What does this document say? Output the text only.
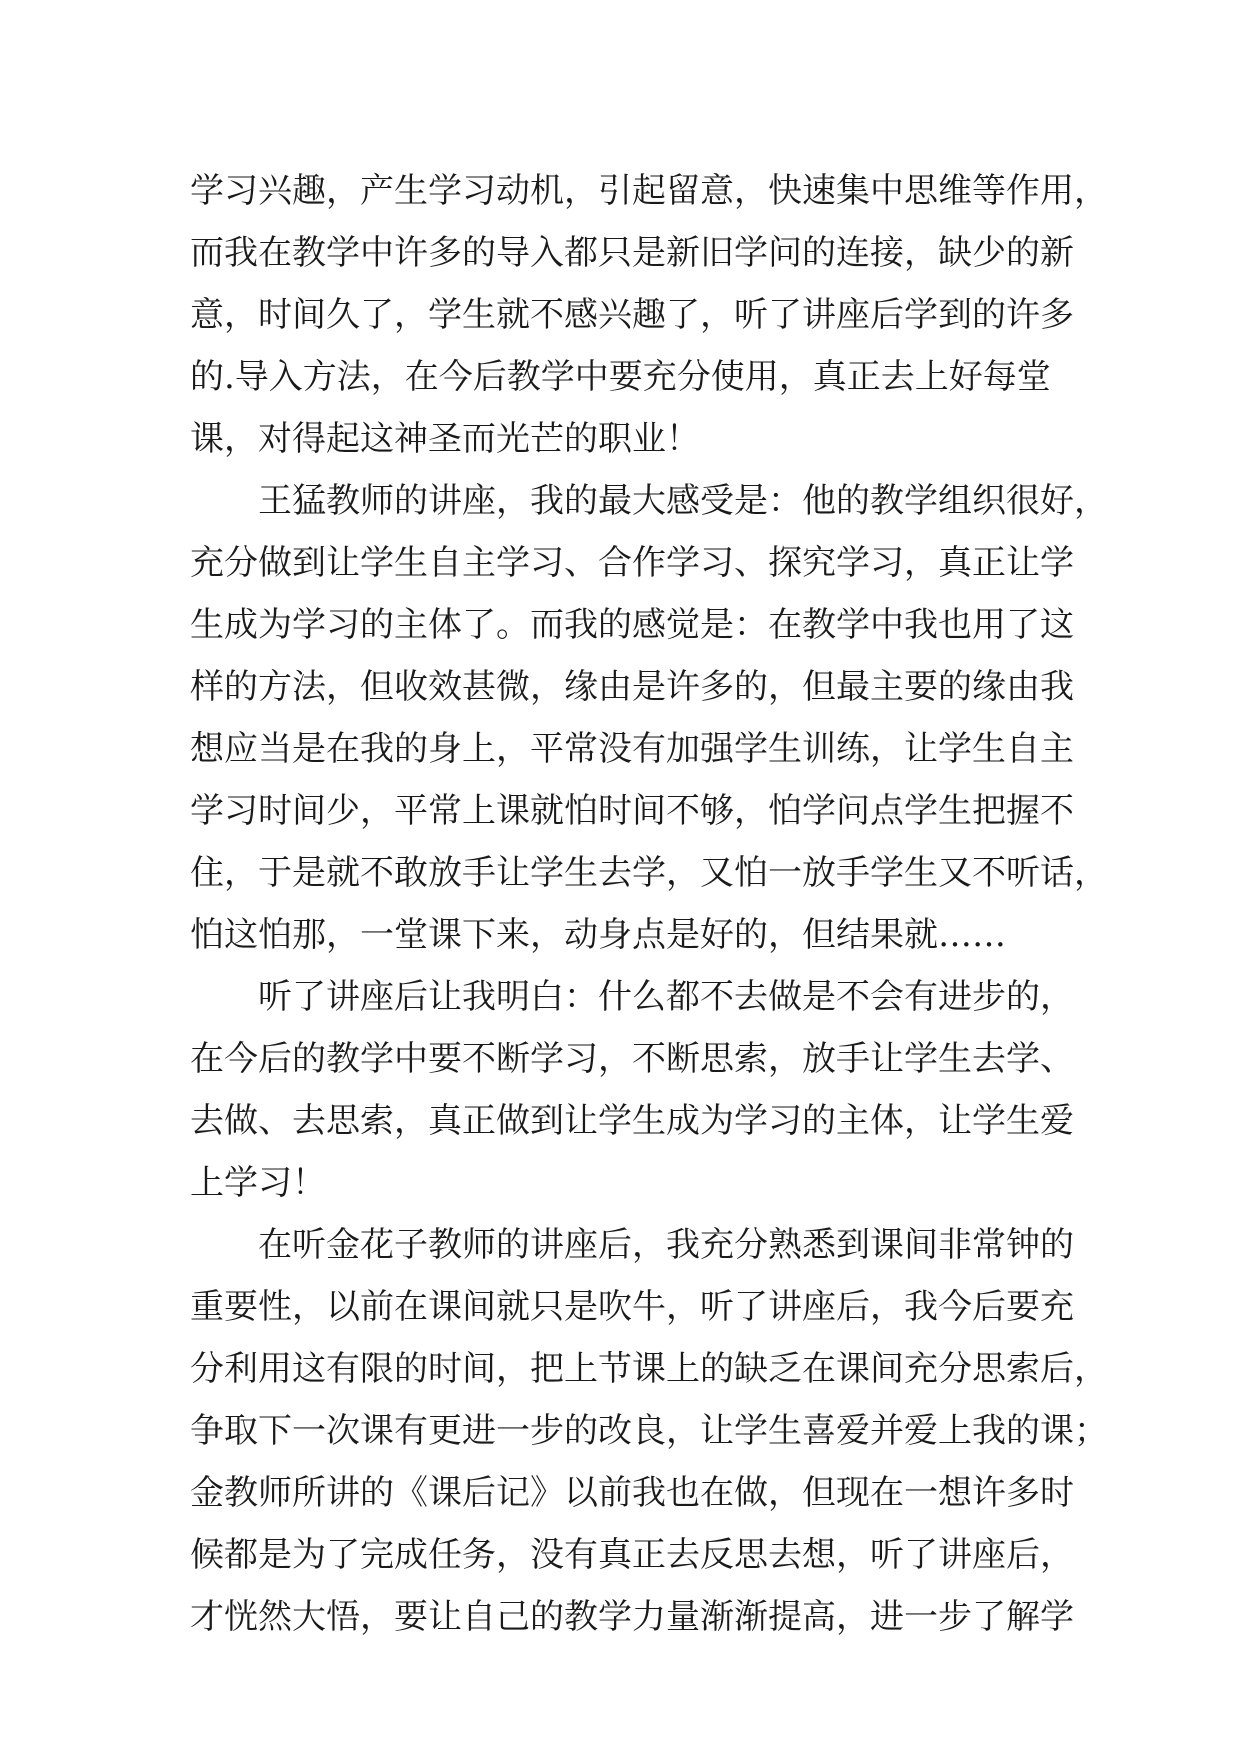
学习兴趣，产生学习动机，引起留意，快速集中思维等作用，
而我在教学中许多的导入都只是新旧学问的连接，缺少的新
意，时间久了，学生就不感兴趣了，听了讲座后学到的许多
的.导入方法，在今后教学中要充分使用，真正去上好每堂
课，对得起这神圣而光芒的职业！
　　王猛教师的讲座，我的最大感受是：他的教学组织很好，
充分做到让学生自主学习、合作学习、探究学习，真正让学
生成为学习的主体了。而我的感觉是：在教学中我也用了这
样的方法，但收效甚微，缘由是许多的，但最主要的缘由我
想应当是在我的身上，平常没有加强学生训练，让学生自主
学习时间少，平常上课就怕时间不够，怕学问点学生把握不
住，于是就不敢放手让学生去学，又怕一放手学生又不听话，
怕这怕那，一堂课下来，动身点是好的，但结果就……
　　听了讲座后让我明白：什么都不去做是不会有进步的，
在今后的教学中要不断学习，不断思索，放手让学生去学、
去做、去思索，真正做到让学生成为学习的主体，让学生爱
上学习！
　　在听金花子教师的讲座后，我充分熟悉到课间非常钟的
重要性，以前在课间就只是吹牛，听了讲座后，我今后要充
分利用这有限的时间，把上节课上的缺乏在课间充分思索后，
争取下一次课有更进一步的改良，让学生喜爱并爱上我的课；
金教师所讲的《课后记》以前我也在做，但现在一想许多时
候都是为了完成任务，没有真正去反思去想，听了讲座后，
才恍然大悟，要让自己的教学力量渐渐提高，进一步了解学
